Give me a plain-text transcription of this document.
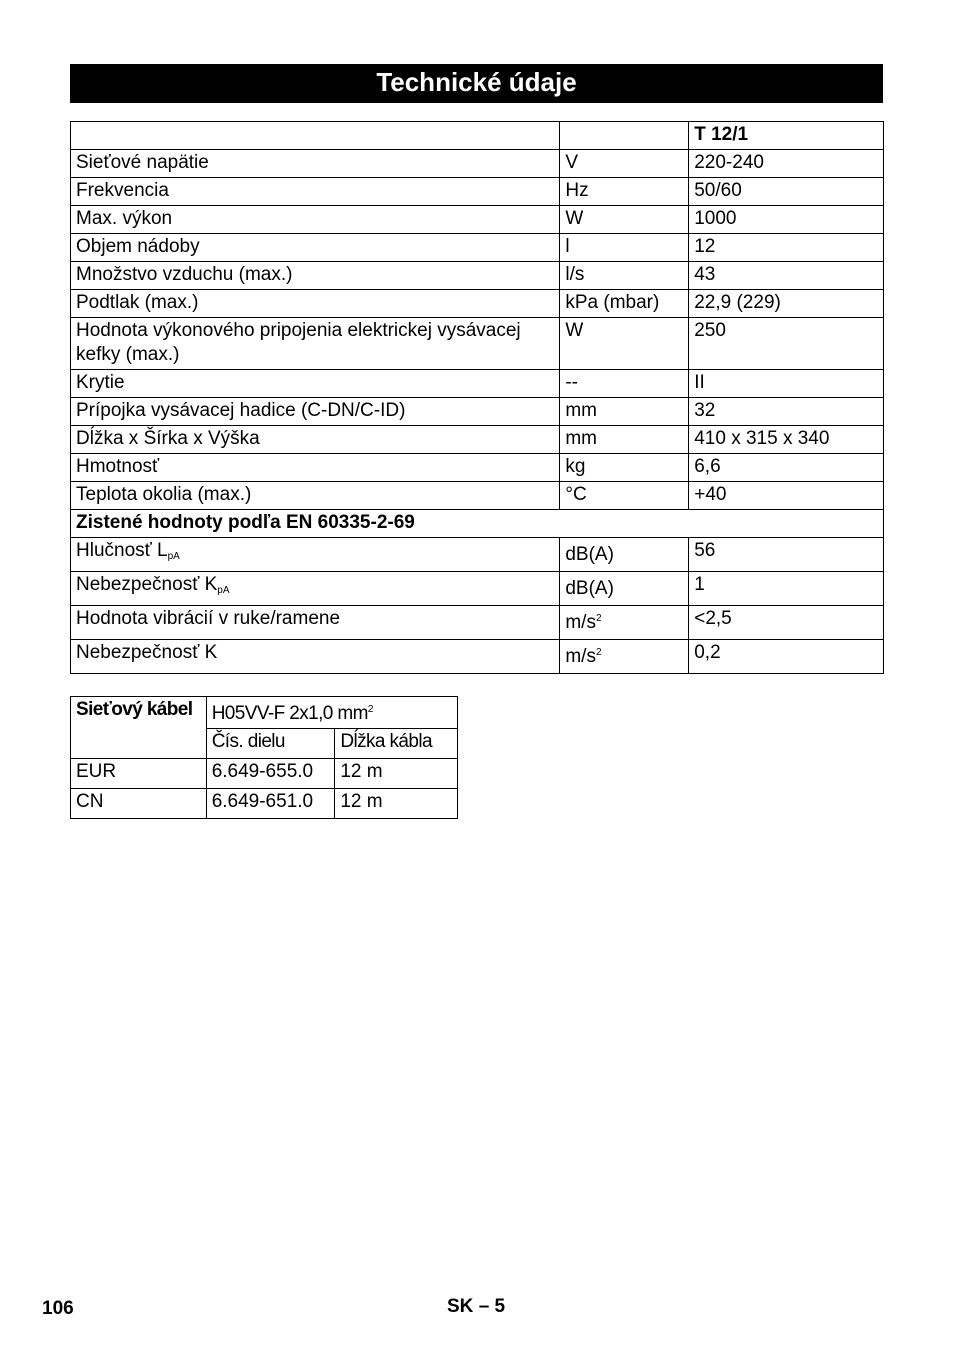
Technické údaje
		T 12/1
Sieťové napätie	V	220-240
Frekvencia	Hz	50/60
Max. výkon	W	1000
Objem nádoby	l	12
Množstvo vzduchu (max.)	l/s	43
Podtlak (max.)	kPa (mbar)	22,9 (229)
Hodnota výkonového pripojenia elektrickej vysávacej kefky (max.)	W	250
Krytie	--	II
Prípojka vysávacej hadice (C-DN/C-ID)	mm	32
Dĺžka x Šírka x Výška	mm	410 x 315 x 340
Hmotnosť	kg	6,6
Teplota okolia (max.)	°C	+40
Zistené hodnoty podľa EN 60335-2-69		
Hlučnosť $L_{pA}$	dB(A)	56
Nebezpečnosť $K_{pA}$	dB(A)	1
Hodnota vibrácií v ruke/ramene	$m/s^2$	<2,5
Nebezpečnosť K	$m/s^2$	0,2
Sieťový kábel	H05VV-F 2x1,0 $mm^2$
	Čís. dielu	Dĺžka kábla
EUR	6.649-655.0	12 m
CN	6.649-651.0	12 m
106	SK – 5
